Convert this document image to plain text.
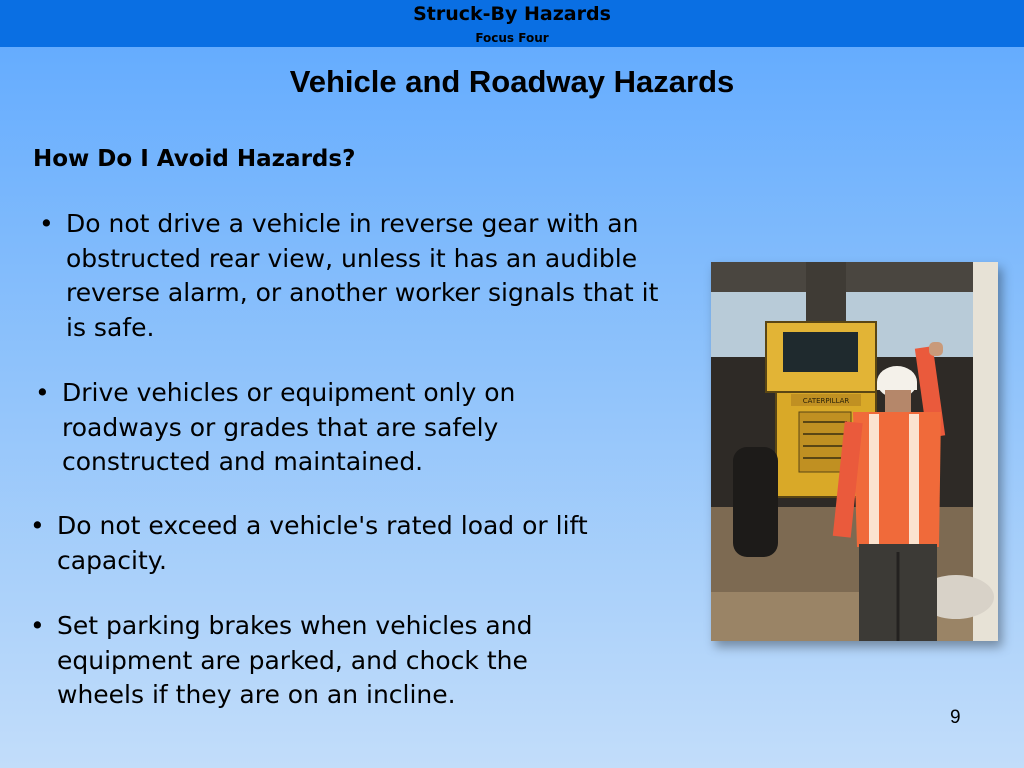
Struck-By Hazards
Focus Four
Vehicle and Roadway Hazards
How Do I Avoid Hazards?
• Do not drive a vehicle in reverse gear with an obstructed rear view, unless it has an audible reverse alarm, or another worker signals that it is safe.
• Drive vehicles or equipment only on roadways or grades that are safely constructed and maintained.
• Do not exceed a vehicle's rated load or lift capacity.
• Set parking brakes when vehicles and equipment are parked, and chock the wheels if they are on an incline.
CATERPILLAR
9
